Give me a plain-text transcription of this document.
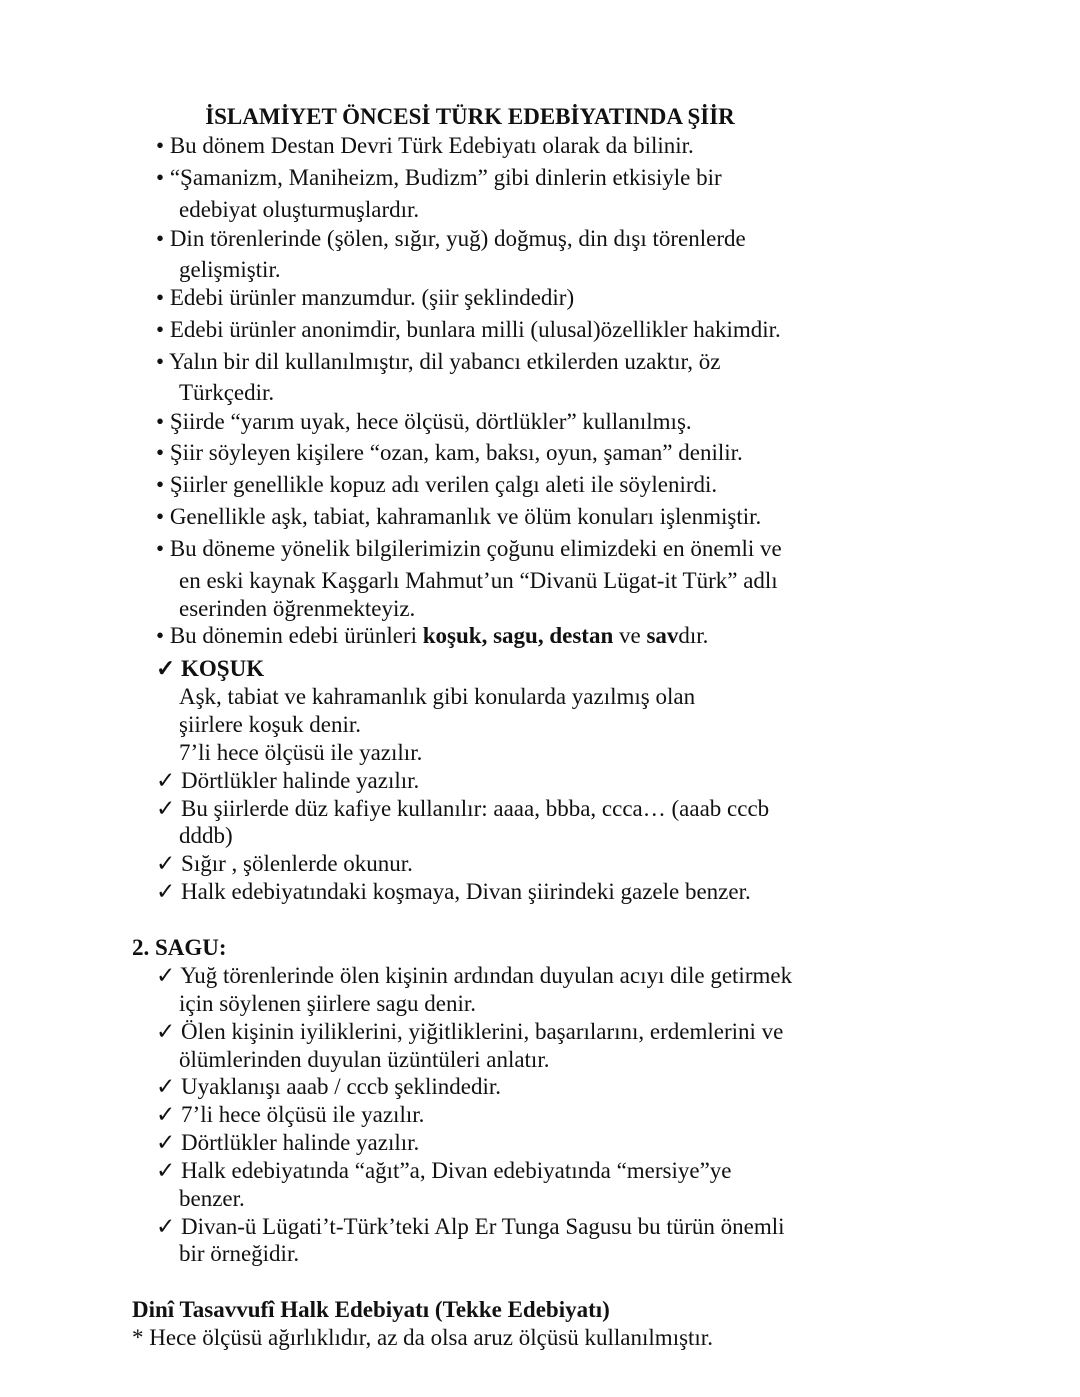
İSLAMİYET ÖNCESİ TÜRK EDEBİYATINDA ŞİİR
• Bu dönem Destan Devri Türk Edebiyatı olarak da bilinir.
• “Şamanizm, Maniheizm, Budizm” gibi dinlerin etkisiyle bir
edebiyat oluşturmuşlardır.
• Din törenlerinde (şölen, sığır, yuğ) doğmuş, din dışı törenlerde
gelişmiştir.
• Edebi ürünler manzumdur. (şiir şeklindedir)
• Edebi ürünler anonimdir, bunlara milli (ulusal)özellikler hakimdir.
• Yalın bir dil kullanılmıştır, dil yabancı etkilerden uzaktır, öz
Türkçedir.
• Şiirde “yarım uyak, hece ölçüsü, dörtlükler” kullanılmış.
• Şiir söyleyen kişilere “ozan, kam, baksı, oyun, şaman” denilir.
• Şiirler genellikle kopuz adı verilen çalgı aleti ile söylenirdi.
• Genellikle aşk, tabiat, kahramanlık ve ölüm konuları işlenmiştir.
• Bu döneme yönelik bilgilerimizin çoğunu elimizdeki en önemli ve
en eski kaynak Kaşgarlı Mahmut’un “Divanü Lügat-it Türk” adlı
eserinden öğrenmekteyiz.
• Bu dönemin edebi ürünleri koşuk, sagu, destan ve savdır.
✓ KOŞUK
Aşk, tabiat ve kahramanlık gibi konularda yazılmış olan
şiirlere koşuk denir.
7’li hece ölçüsü ile yazılır.
✓ Dörtlükler halinde yazılır.
✓ Bu şiirlerde düz kafiye kullanılır: aaaa, bbba, ccca… (aaab cccb
dddb)
✓ Sığır , şölenlerde okunur.
✓ Halk edebiyatındaki koşmaya, Divan şiirindeki gazele benzer.
2. SAGU:
✓ Yuğ törenlerinde ölen kişinin ardından duyulan acıyı dile getirmek
için söylenen şiirlere sagu denir.
✓ Ölen kişinin iyiliklerini, yiğitliklerini, başarılarını, erdemlerini ve
ölümlerinden duyulan üzüntüleri anlatır.
✓ Uyaklanışı aaab / cccb şeklindedir.
✓ 7’li hece ölçüsü ile yazılır.
✓ Dörtlükler halinde yazılır.
✓ Halk edebiyatında “ağıt”a, Divan edebiyatında “mersiye”ye
benzer.
✓ Divan-ü Lügati’t-Türk’teki Alp Er Tunga Sagusu bu türün önemli
bir örneğidir.
Dinî Tasavvufî Halk Edebiyatı (Tekke Edebiyatı)
* Hece ölçüsü ağırlıklıdır, az da olsa aruz ölçüsü kullanılmıştır.
